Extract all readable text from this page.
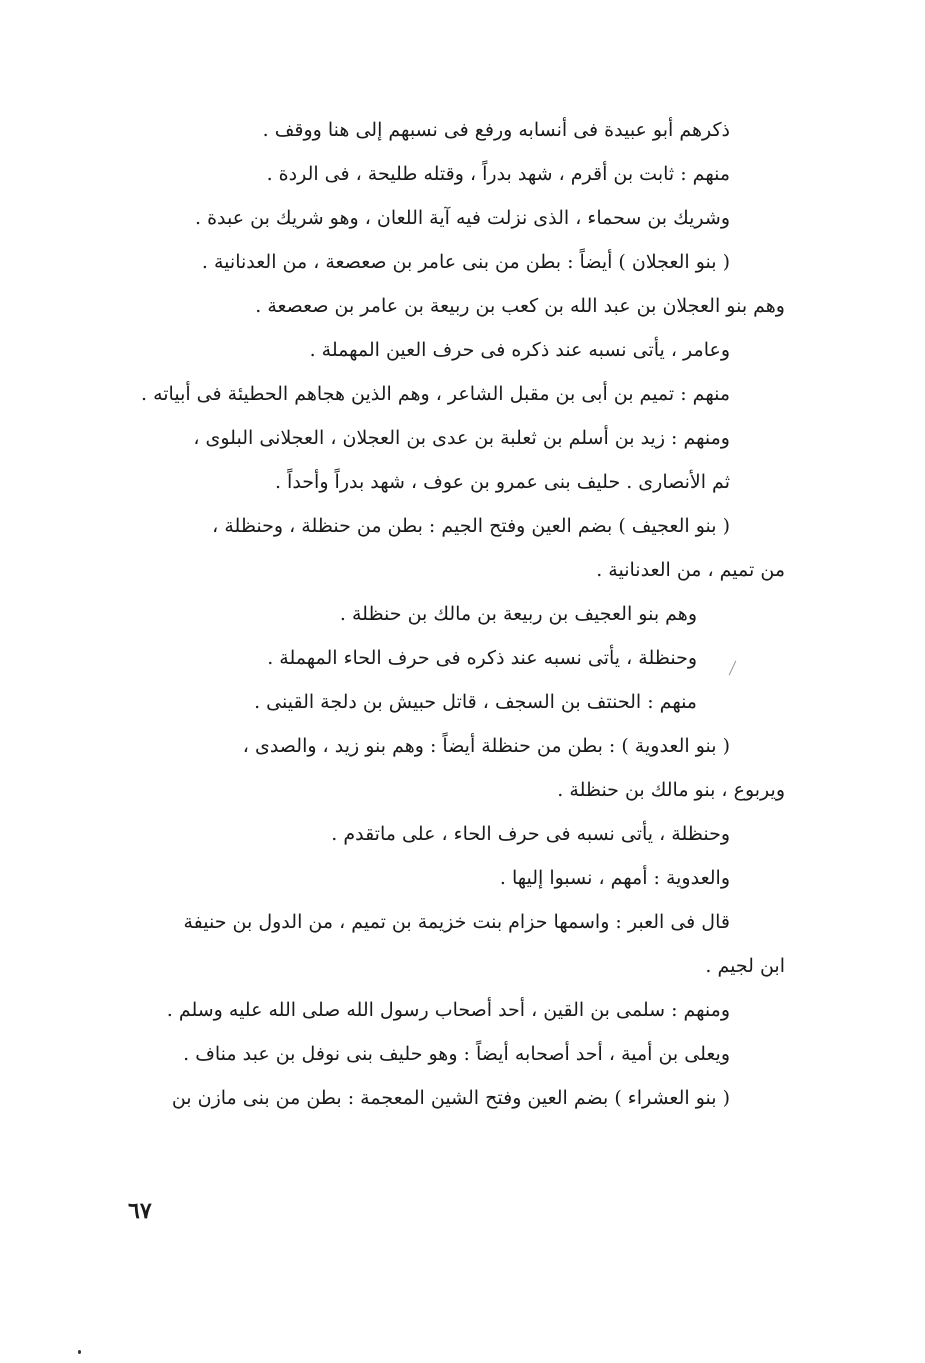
ذكرهم أبو عبيدة فى أنسابه ورفع فى نسبهم إلى هنا ووقف .
منهم : ثابت بن أقرم ، شهد بدراً ، وقتله طليحة ، فى الردة .
وشريك بن سحماء ، الذى نزلت فيه آية اللعان ، وهو شريك بن عبدة .
( بنو العجلان ) أيضاً : بطن من بنى عامر بن صعصعة ، من العدنانية .
وهم بنو العجلان بن عبد الله بن كعب بن ربيعة بن عامر بن صعصعة .
وعامر ، يأتى نسبه عند ذكره فى حرف العين المهملة .
منهم : تميم بن أبى بن مقبل الشاعر ، وهم الذين هجاهم الحطيئة فى أبياته .
ومنهم : زيد بن أسلم بن ثعلبة بن عدى بن العجلان ، العجلانى البلوى ،
ثم الأنصارى . حليف بنى عمرو بن عوف ، شهد بدراً وأحداً .
( بنو العجيف ) بضم العين وفتح الجيم : بطن من حنظلة ، وحنظلة ،
من تميم ، من العدنانية .
وهم بنو العجيف بن ربيعة بن مالك بن حنظلة .
وحنظلة ، يأتى نسبه عند ذكره فى حرف الحاء المهملة .
منهم : الحنتف بن السجف ، قاتل حبيش بن دلجة القينى .
( بنو العدوية ) : بطن من حنظلة أيضاً : وهم بنو زيد ، والصدى ،
ويربوع ، بنو مالك بن حنظلة .
وحنظلة ، يأتى نسبه فى حرف الحاء ، على ماتقدم .
والعدوية : أمهم ، نسبوا إليها .
قال فى العبر : واسمها حزام بنت خزيمة بن تميم ، من الدول بن حنيفة
ابن لجيم .
ومنهم : سلمى بن القين ، أحد أصحاب رسول الله صلى الله عليه وسلم .
ويعلى بن أمية ، أحد أصحابه أيضاً : وهو حليف بنى نوفل بن عبد مناف .
( بنو العشراء ) بضم العين وفتح الشين المعجمة : بطن من بنى مازن بن
٦٧
